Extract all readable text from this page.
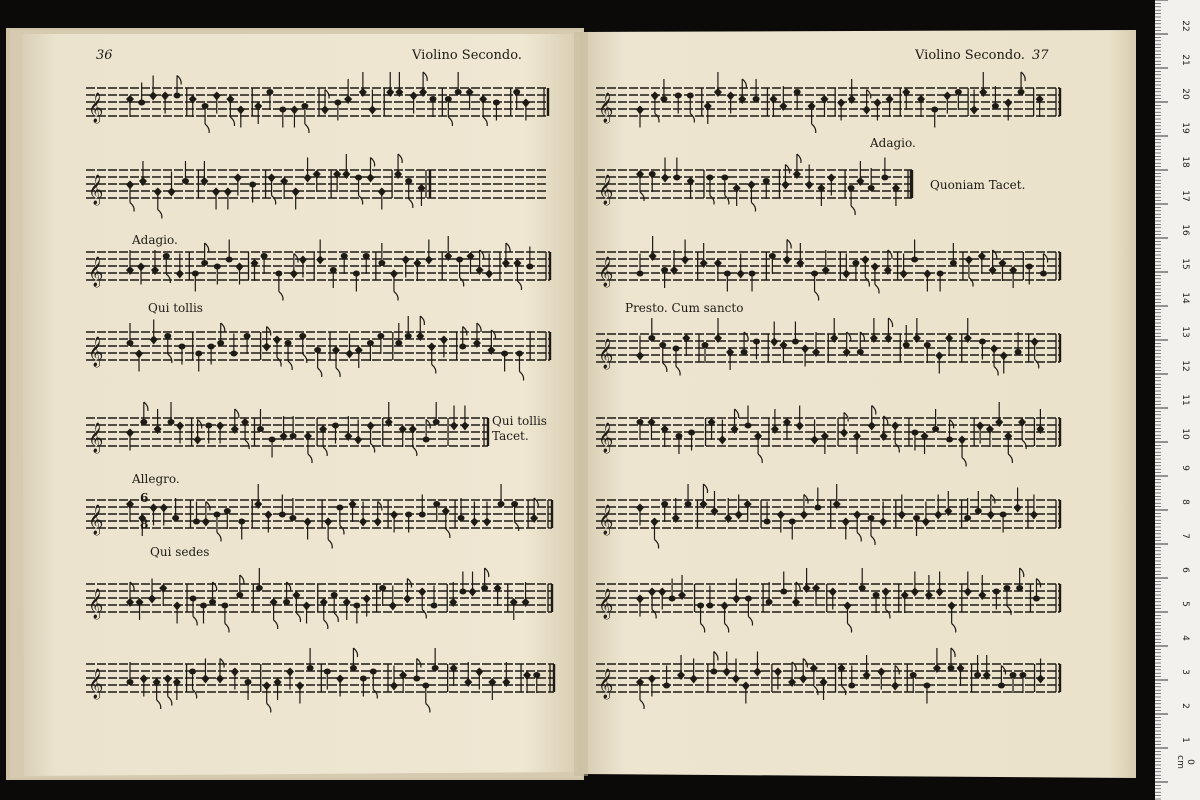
𝄞
𝄞
𝄞
𝄞
𝄞
𝄞
𝄞
𝄞
𝄞
𝄞
𝄞
𝄞
𝄞
𝄞
𝄞
𝄞
36	Violino Secondo.
Adagio.
Qui tollis
Qui tollis
Tacet.
Allegro.
6
8
Qui sedes
Violino Secondo. 37
Adagio.
Quoniam Tacet.
Presto. Cum sancto
0 cm
1
2
3
4
5
6
7
8
9
10
11
12
13
14
15
16
17
18
19
20
21
22
